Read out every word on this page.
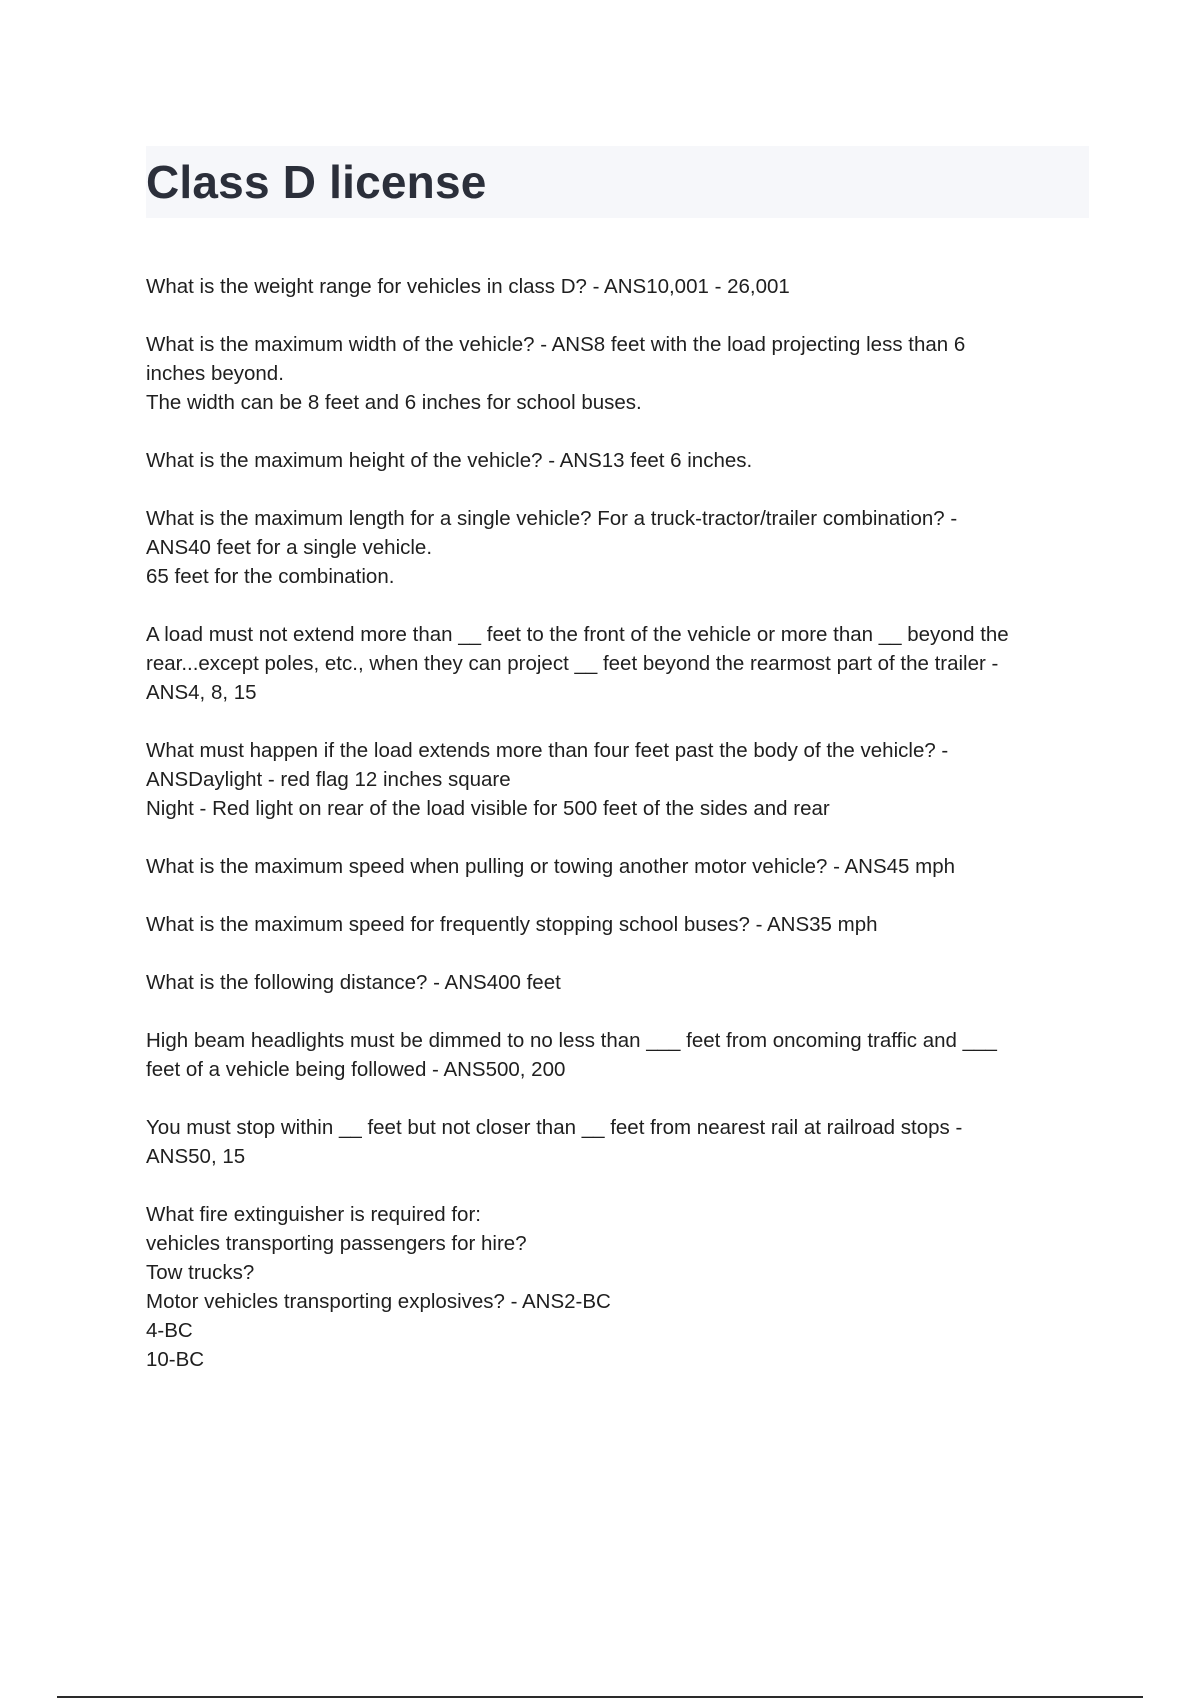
Class D license
What is the weight range for vehicles in class D? - ANS10,001 - 26,001
What is the maximum width of the vehicle? - ANS8 feet with the load projecting less than 6
inches beyond.
The width can be 8 feet and 6 inches for school buses.
What is the maximum height of the vehicle? - ANS13 feet 6 inches.
What is the maximum length for a single vehicle? For a truck-tractor/trailer combination? -
ANS40 feet for a single vehicle.
65 feet for the combination.
A load must not extend more than __ feet to the front of the vehicle or more than __ beyond the
rear...except poles, etc., when they can project __ feet beyond the rearmost part of the trailer -
ANS4, 8, 15
What must happen if the load extends more than four feet past the body of the vehicle? -
ANSDaylight - red flag 12 inches square
Night - Red light on rear of the load visible for 500 feet of the sides and rear
What is the maximum speed when pulling or towing another motor vehicle? - ANS45 mph
What is the maximum speed for frequently stopping school buses? - ANS35 mph
What is the following distance? - ANS400 feet
High beam headlights must be dimmed to no less than ___ feet from oncoming traffic and ___
feet of a vehicle being followed - ANS500, 200
You must stop within __ feet but not closer than __ feet from nearest rail at railroad stops -
ANS50, 15
What fire extinguisher is required for:
vehicles transporting passengers for hire?
Tow trucks?
Motor vehicles transporting explosives? - ANS2-BC
4-BC
10-BC
